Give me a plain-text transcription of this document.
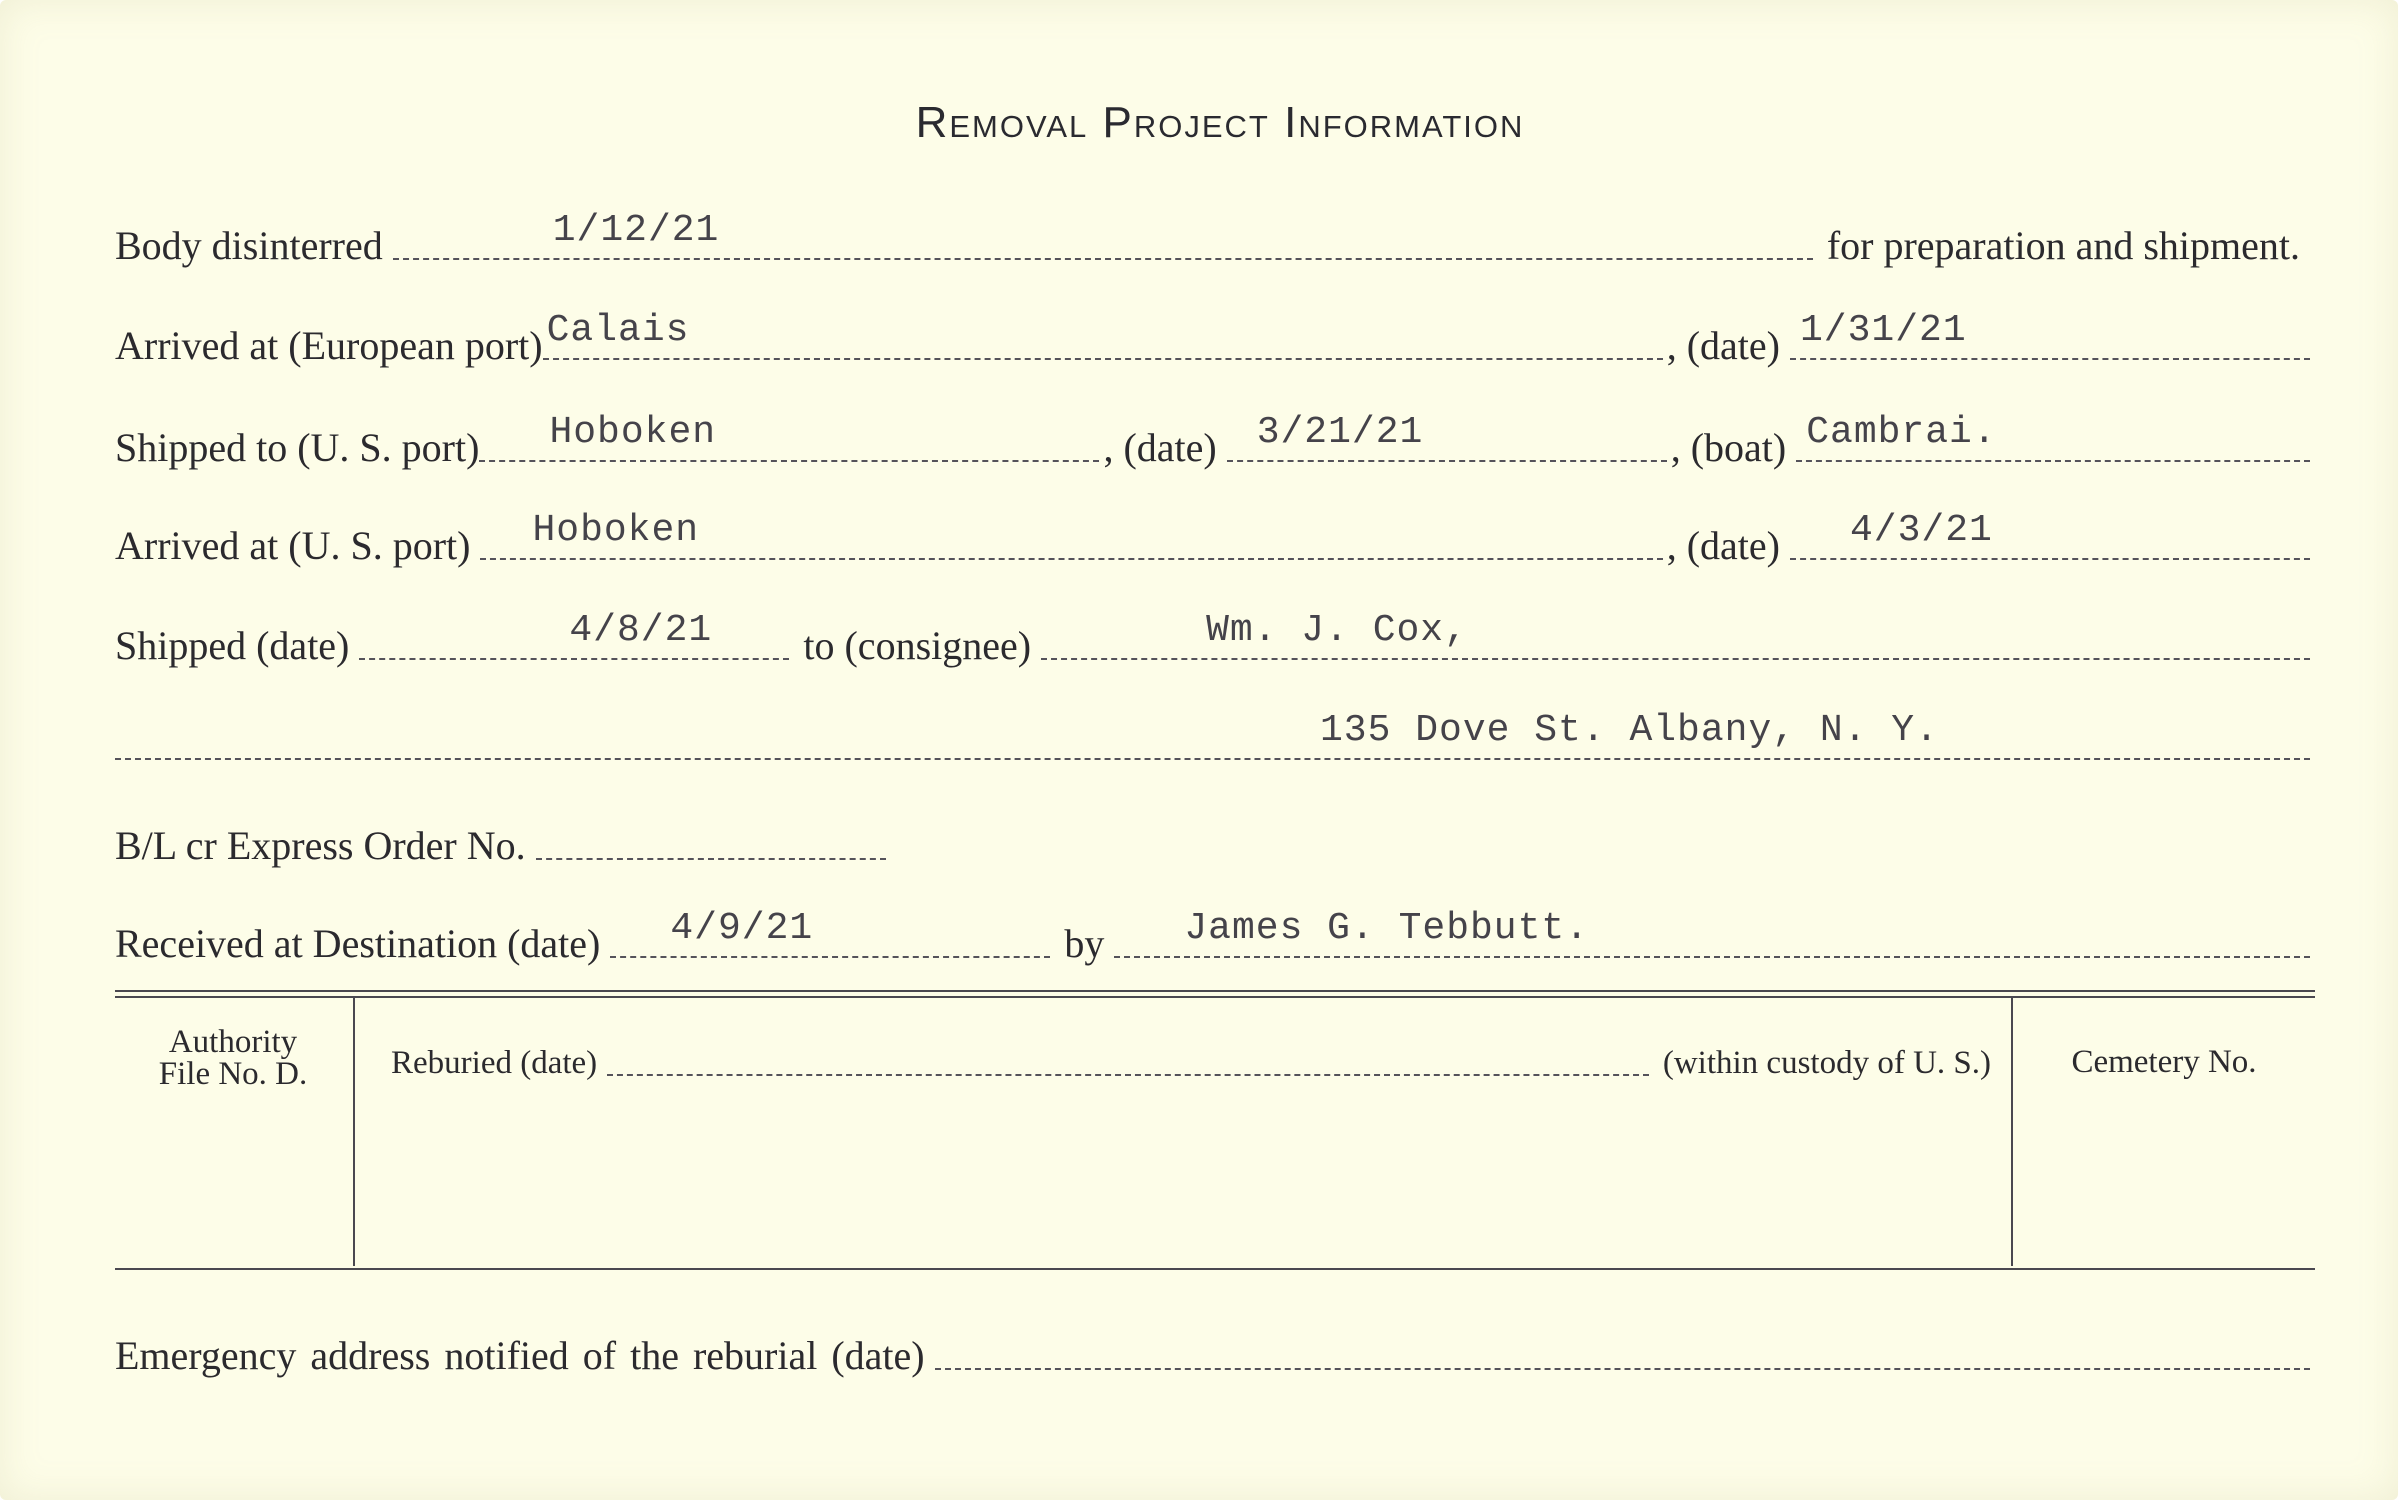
Removal Project Information
Body disinterred	1/12/21	for preparation and shipment.
Arrived at (European port) Calais	, (date) 1/31/21
Shipped to (U. S. port) Hoboken	, (date) 3/21/21	, (boat) Cambrai.
Arrived at (U. S. port) Hoboken	, (date) 4/3/21
Shipped (date)	4/8/21	to (consignee)	Wm. J. Cox,
135 Dove St. Albany, N. Y.
B/L cr Express Order No.
Received at Destination (date) 4/9/21	by James G. Tebbutt.
Authority
File No. D.	Reburied (date)	(within custody of U. S.)	Cemetery No.
Emergency address notified of the reburial (date)
